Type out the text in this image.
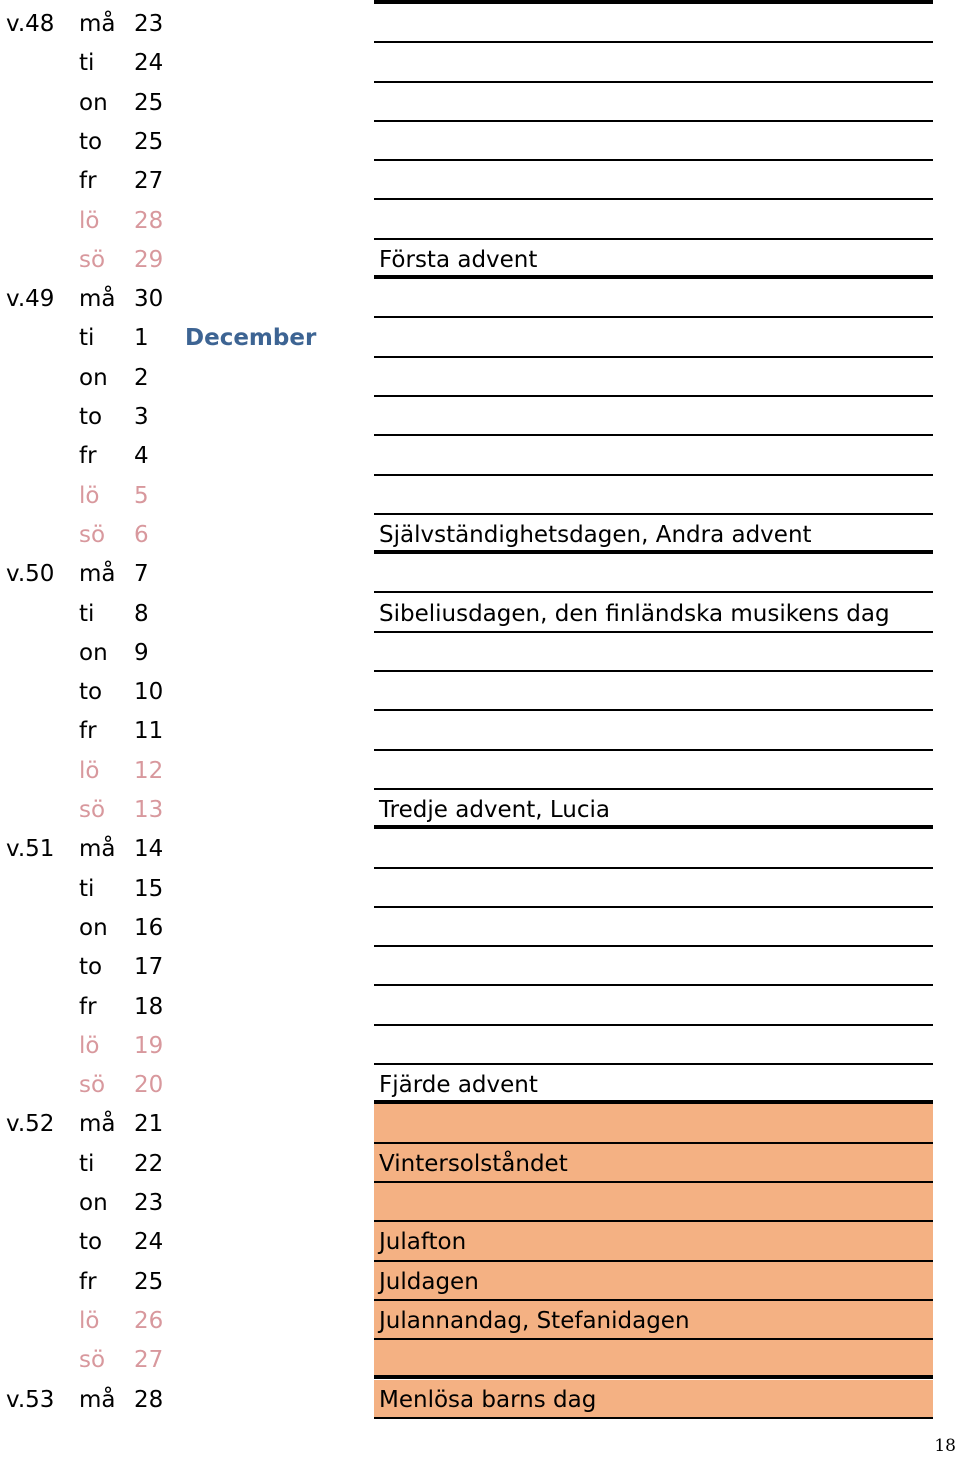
v.48 må 23
ti 24
on 25
to 25
fr 27
lö 28
sö 29	Första advent
v.49 må 30
ti 1 December
on 2
to 3
fr 4
lö 5
sö 6	Självständighetsdagen, Andra advent
v.50 må 7
ti 8	Sibeliusdagen, den finländska musikens dag
on 9
to 10
fr 11
lö 12
sö 13	Tredje advent, Lucia
v.51 må 14
ti 15
on 16
to 17
fr 18
lö 19
sö 20	Fjärde advent
v.52 må 21
ti 22	Vintersolståndet
on 23
to 24	Julafton
fr 25	Juldagen
lö 26	Julannandag, Stefanidagen
sö 27
v.53 må 28	Menlösa barns dag
18
